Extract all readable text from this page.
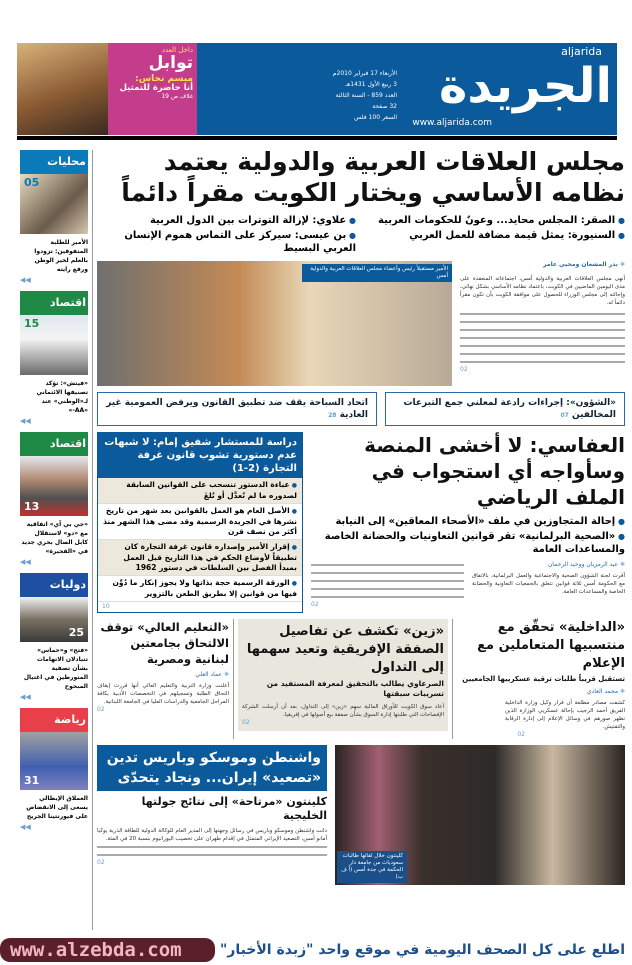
الجريدة
aljarida
www.aljarida.com
الأربعاء 17 فبراير 2010م
3 ربيع الأول 1431هـ
العدد 859 - السنة الثالثة
32 صفحة
السعر 100 فلس
داخل العدد
توابل
ميسم نحاس:
أنا حاضرة للتمثيل
غلاف ص 19
محليات
05
الأمير للطلبة المتفوقين: تزودوا بالعلم لخير الوطن ورفع رايته
◀◀
اقتصاد
15
«فيتش»: تؤكد تصنيفها الائتماني لـ«الوطني» عند «AA-»
◀◀
اقتصاد
13
«جي بي آي» اتفاقية مع «دو» لاستقلال كابل الصال بحري جديد في «الفجيرة»
◀◀
دوليات
25
«فتح» و«حماس» تتبادلان الاتهامات بشأن تصفية المتورطين في اغتيال المبحوح
◀◀
رياضة
31
العملاق الإيطالي يسعى إلى الانقضاض على فيورنتينا الجريح
◀◀
مجلس العلاقات العربية والدولية يعتمد نظامه الأساسي ويختار الكويت مقراً دائماً
● الصقر: المجلس محايد... وعونٌ للحكومات العربية
● علاوي: لإزالة التوترات بين الدول العربية
● السنيورة: يمثل قيمة مضافة للعمل العربي
● بن عيسى: سيركز على التماس هموم الإنسان العربي البسيط
✱ بدر المشعان ومحيي عامر
أنهى مجلس العلاقات العربية والدولية أمس، اجتماعاته المنعقدة على مدى اليومين الماضيين في الكويت، باعتماد نظامه الأساسي بشكل نهائي، وإحالته إلى مجلس الوزراء للحصول على موافقة الكويت بأن تكون مقراً دائماً له.
02
الأمير مستقبلاً رئيس وأعضاء مجلس العلاقات العربية والدولية أمس
«الشؤون»: إجراءات رادعة لمعلني جمع التبرعات المخالفين 07
اتحاد السباحة يقف ضد تطبيق القانون ويرفض العمومية غير العادية 28
العفاسي: لا أخشى المنصة وسأواجه أي استجواب في الملف الرياضي
● إحالة المتجاوزين في ملف «الأصحاء المعاقين» إلى النيابة
● «الصحية البرلمانية» تقر قوانين التعاونيات والحضانة الخاصة والمساعدات العامة
✱ عيد الرمزيان ووحيد الرحمان
أقرت لجنة الشؤون الصحية والاجتماعية والعمل البرلمانية، بالاتفاق مع الحكومة أمس ثلاثة قوانين تتعلق بالجمعيات التعاونية والحضانة الخاصة والمساعدات العامة.
02
دراسة للمستشار شفيق إمام: لا شبهات عدم دستورية تشوب قانون غرفة التجارة (2-1)
● عباءة الدستور تنسحب على القوانين السابقة لصدوره ما لم تُعدَّل أو تُلغَ
● الأصل العام هو العمل بالقوانين بعد شهر من تاريخ نشرها في الجريدة الرسمية وقد مضى هذا الشهر منذ أكثر من نصف قرن
● إقرار الأمير وإصداره قانون غرفة التجارة كان تطبيقاً لأوضاع الحكم في هذا التاريخ قبل العمل بمبدأ الفصل بين السلطات في دستور 1962
● الورقة الرسمية حجة بذاتها ولا يجوز إنكار ما دُوِّن فيها من قوانين إلا بطريق الطعن بالتزوير
10
«الداخلية» تحقّق مع منتسبيها المتعاملين مع الإعلام
تستقبل قريباً طلبات ترقية عسكرييها الجامعيين
✱ محمد العادي
كشفت مصادر مطلعة أن قرار وكيل وزارة الداخلية الفريق أحمد الرجيب بإحالة عسكريي الوزارة الذين تظهر صورهم في وسائل الإعلام إلى إدارة الرقابة والتفتيش.
02
«زين» تكشف عن تفاصيل الصفقة الإفريقية وتعيد سهمها إلى التداول
الصرعاوي يطالب بالتحقيق لمعرفة المستفيد من تسريبات سبقتها
أعاد سوق الكويت للأوراق المالية سهم «زين» إلى التداول، بعد أن أرسلت الشركة الإفصاحات التي طلبتها إدارة السوق بشأن صفقة بيع أصولها في إفريقيا.
02
«التعليم العالي» توقف الالتحاق بجامعتين لبنانية ومصرية
✱ عماد العلي
أعلنت وزارة التربية والتعليم العالي أنها قررت إيقاف التحاق الطلبة وتسجيلهم في التخصصات الأدبية بكافة المراحل الجامعية والدراسات العليا في الجامعة اللبنانية.
02
كلينتون خلال لقائها طالبات سعوديات من جامعة دار الحكمة في جدة أمس (أ ف ب)
واشنطن وموسكو وباريس تدين «تصعيد» إيران... ونجاد يتحدّى
كلينتون «مرتاحة» إلى نتائج جولتها الخليجية
دانت واشنطن وموسكو وباريس في رسائل وجهتها إلى المدير العام للوكالة الدولية للطاقة الذرية يوكيا أمانو أمس، التصعيد الإيراني المتمثل في إقدام طهران على تخصيب اليورانيوم بنسبة 20 في المئة.
02
www.alzebda.com	اطلع على كل الصحف اليومية في موقع واحد "زبدة الأخبار"
